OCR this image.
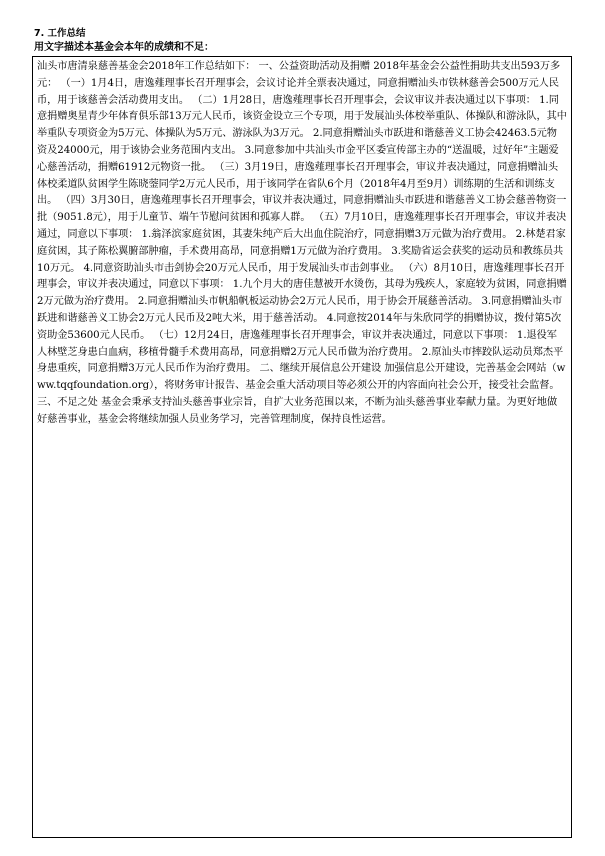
7. 工作总结

用文字描述本基金会本年的成绩和不足：

汕头市唐清泉慈善基金会2018年工作总结如下： 一、公益资助活动及捐赠 2018年基金会公益性捐助共支出593万多元： （一）1月4日，唐逸薤理事长召开理事会，会议讨论并全票表决通过，同意捐赠汕头市铁林慈善会500万元人民币，用于该慈善会活动费用支出。 （二）1月28日，唐逸薤理事长召开理事会，会议审议并表决通过以下事项： 1.同意捐赠奥星青少年体育俱乐部13万元人民币，该资金设立三个专项，用于发展汕头体校举重队、体操队和游泳队，其中举重队专项资金为5万元、体操队为5万元、游泳队为3万元。 2.同意捐赠汕头市跃进和谐慈善义工协会42463.5元物资及24000元，用于该协会业务范围内支出。 3.同意参加中共汕头市金平区委宣传部主办的“送温暖，过好年”主题爱心慈善活动，捐赠61912元物资一批。 （三）3月19日，唐逸薤理事长召开理事会，审议并表决通过，同意捐赠汕头体校柔道队贫困学生陈晓蓥同学2万元人民币，用于该同学在省队6个月（2018年4月至9月）训练期的生活和训练支出。 （四）3月30日，唐逸薤理事长召开理事会，审议并表决通过，同意捐赠汕头市跃进和谐慈善义工协会慈善物资一批（9051.8元），用于儿童节、端午节慰问贫困和孤寡人群。 （五）7月10日，唐逸薤理事长召开理事会，审议并表决通过，同意以下事项： 1.翁泽滨家庭贫困，其妻朱纯产后大出血住院治疗，同意捐赠3万元做为治疗费用。 2.林楚君家庭贫困，其子陈松翼腑部肿瘤，手术费用高昂，同意捐赠1万元做为治疗费用。 3.奖励省运会获奖的运动员和教练员共10万元。 4.同意资助汕头市击剑协会20万元人民币，用于发展汕头市击剑事业。 （六）8月10日，唐逸薤理事长召开理事会，审议并表决通过，同意以下事项： 1.九个月大的唐佳慧被开水烫伤，其母为残疾人，家庭较为贫困，同意捐赠2万元做为治疗费用。 2.同意捐赠汕头市帆船帆板运动协会2万元人民币，用于协会开展慈善活动。 3.同意捐赠汕头市跃进和谐慈善义工协会2万元人民币及2吨大米，用于慈善活动。 4.同意按2014年与朱欣同学的捐赠协议，拨付第5次资助金53600元人民币。 （七）12月24日，唐逸薤理事长召开理事会，审议并表决通过，同意以下事项： 1.退役军人林壁芝身患白血病，移植骨髓手术费用高昂，同意捐赠2万元人民币做为治疗费用。 2.原汕头市摔跤队运动员郑杰平身患重疾，同意捐赠3万元人民币作为治疗费用。 二、继续开展信息公开建设 加强信息公开建设，完善基金会网站（www.tqqfoundation.org），将财务审计报告、基金会重大活动项目等必须公开的内容面向社会公开，接受社会监督。 三、不足之处 基金会秉承支持汕头慈善事业宗旨，自扩大业务范围以来，不断为汕头慈善事业奉献力量。为更好地做好慈善事业，基金会将继续加强人员业务学习，完善管理制度，保持良性运营。
